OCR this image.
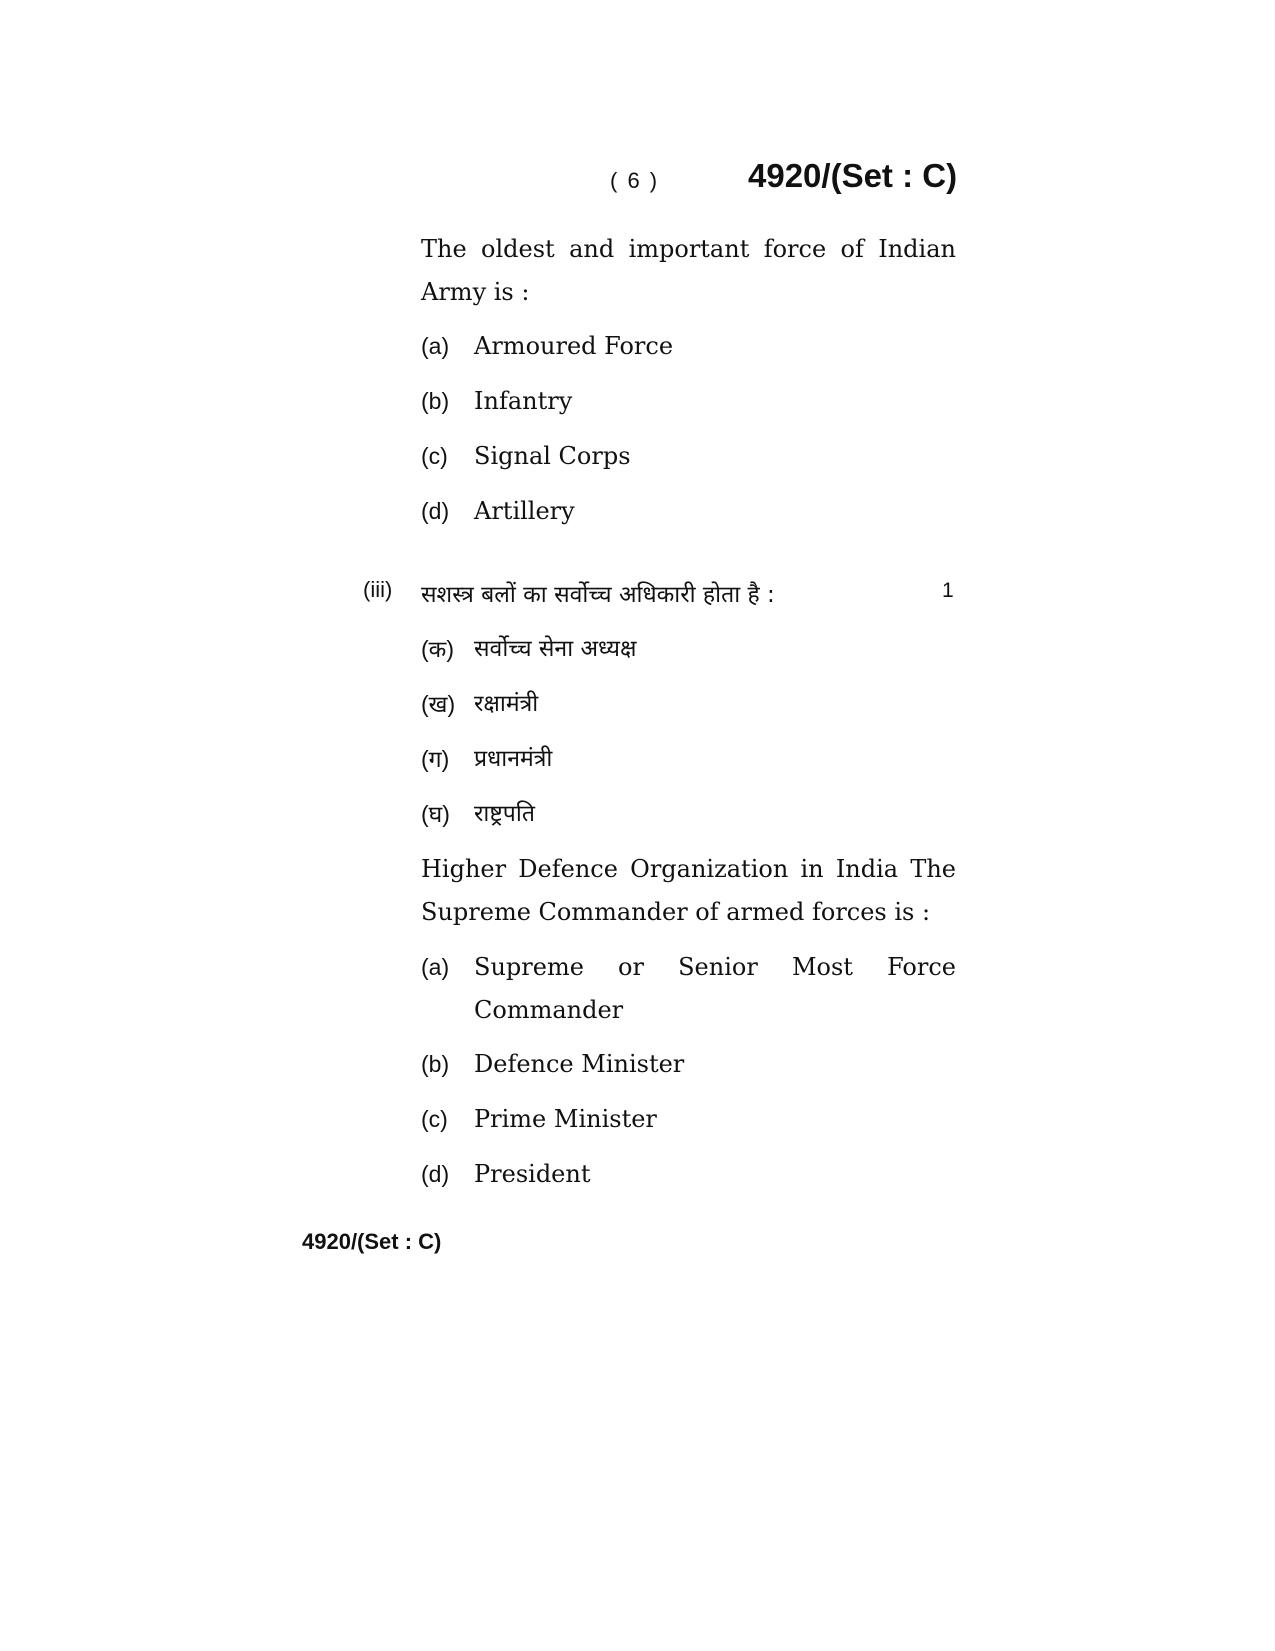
( 6 )	4920/(Set : C)
The oldest and important force of Indian Army is :
(a)	Armoured Force
(b)	Infantry
(c)	Signal Corps
(d)	Artillery
(iii) सशस्त्र बलों का सर्वोच्च अधिकारी होता है :	1
(क) सर्वोच्च सेना अध्यक्ष
(ख) रक्षामंत्री
(ग)	प्रधानमंत्री
(घ)	राष्ट्रपति
Higher Defence Organization in India The Supreme Commander of armed forces is :
(a)	Supreme or Senior Most Force
Commander
(b)	Defence Minister
(c)	Prime Minister
(d)	President
4920/(Set : C)
